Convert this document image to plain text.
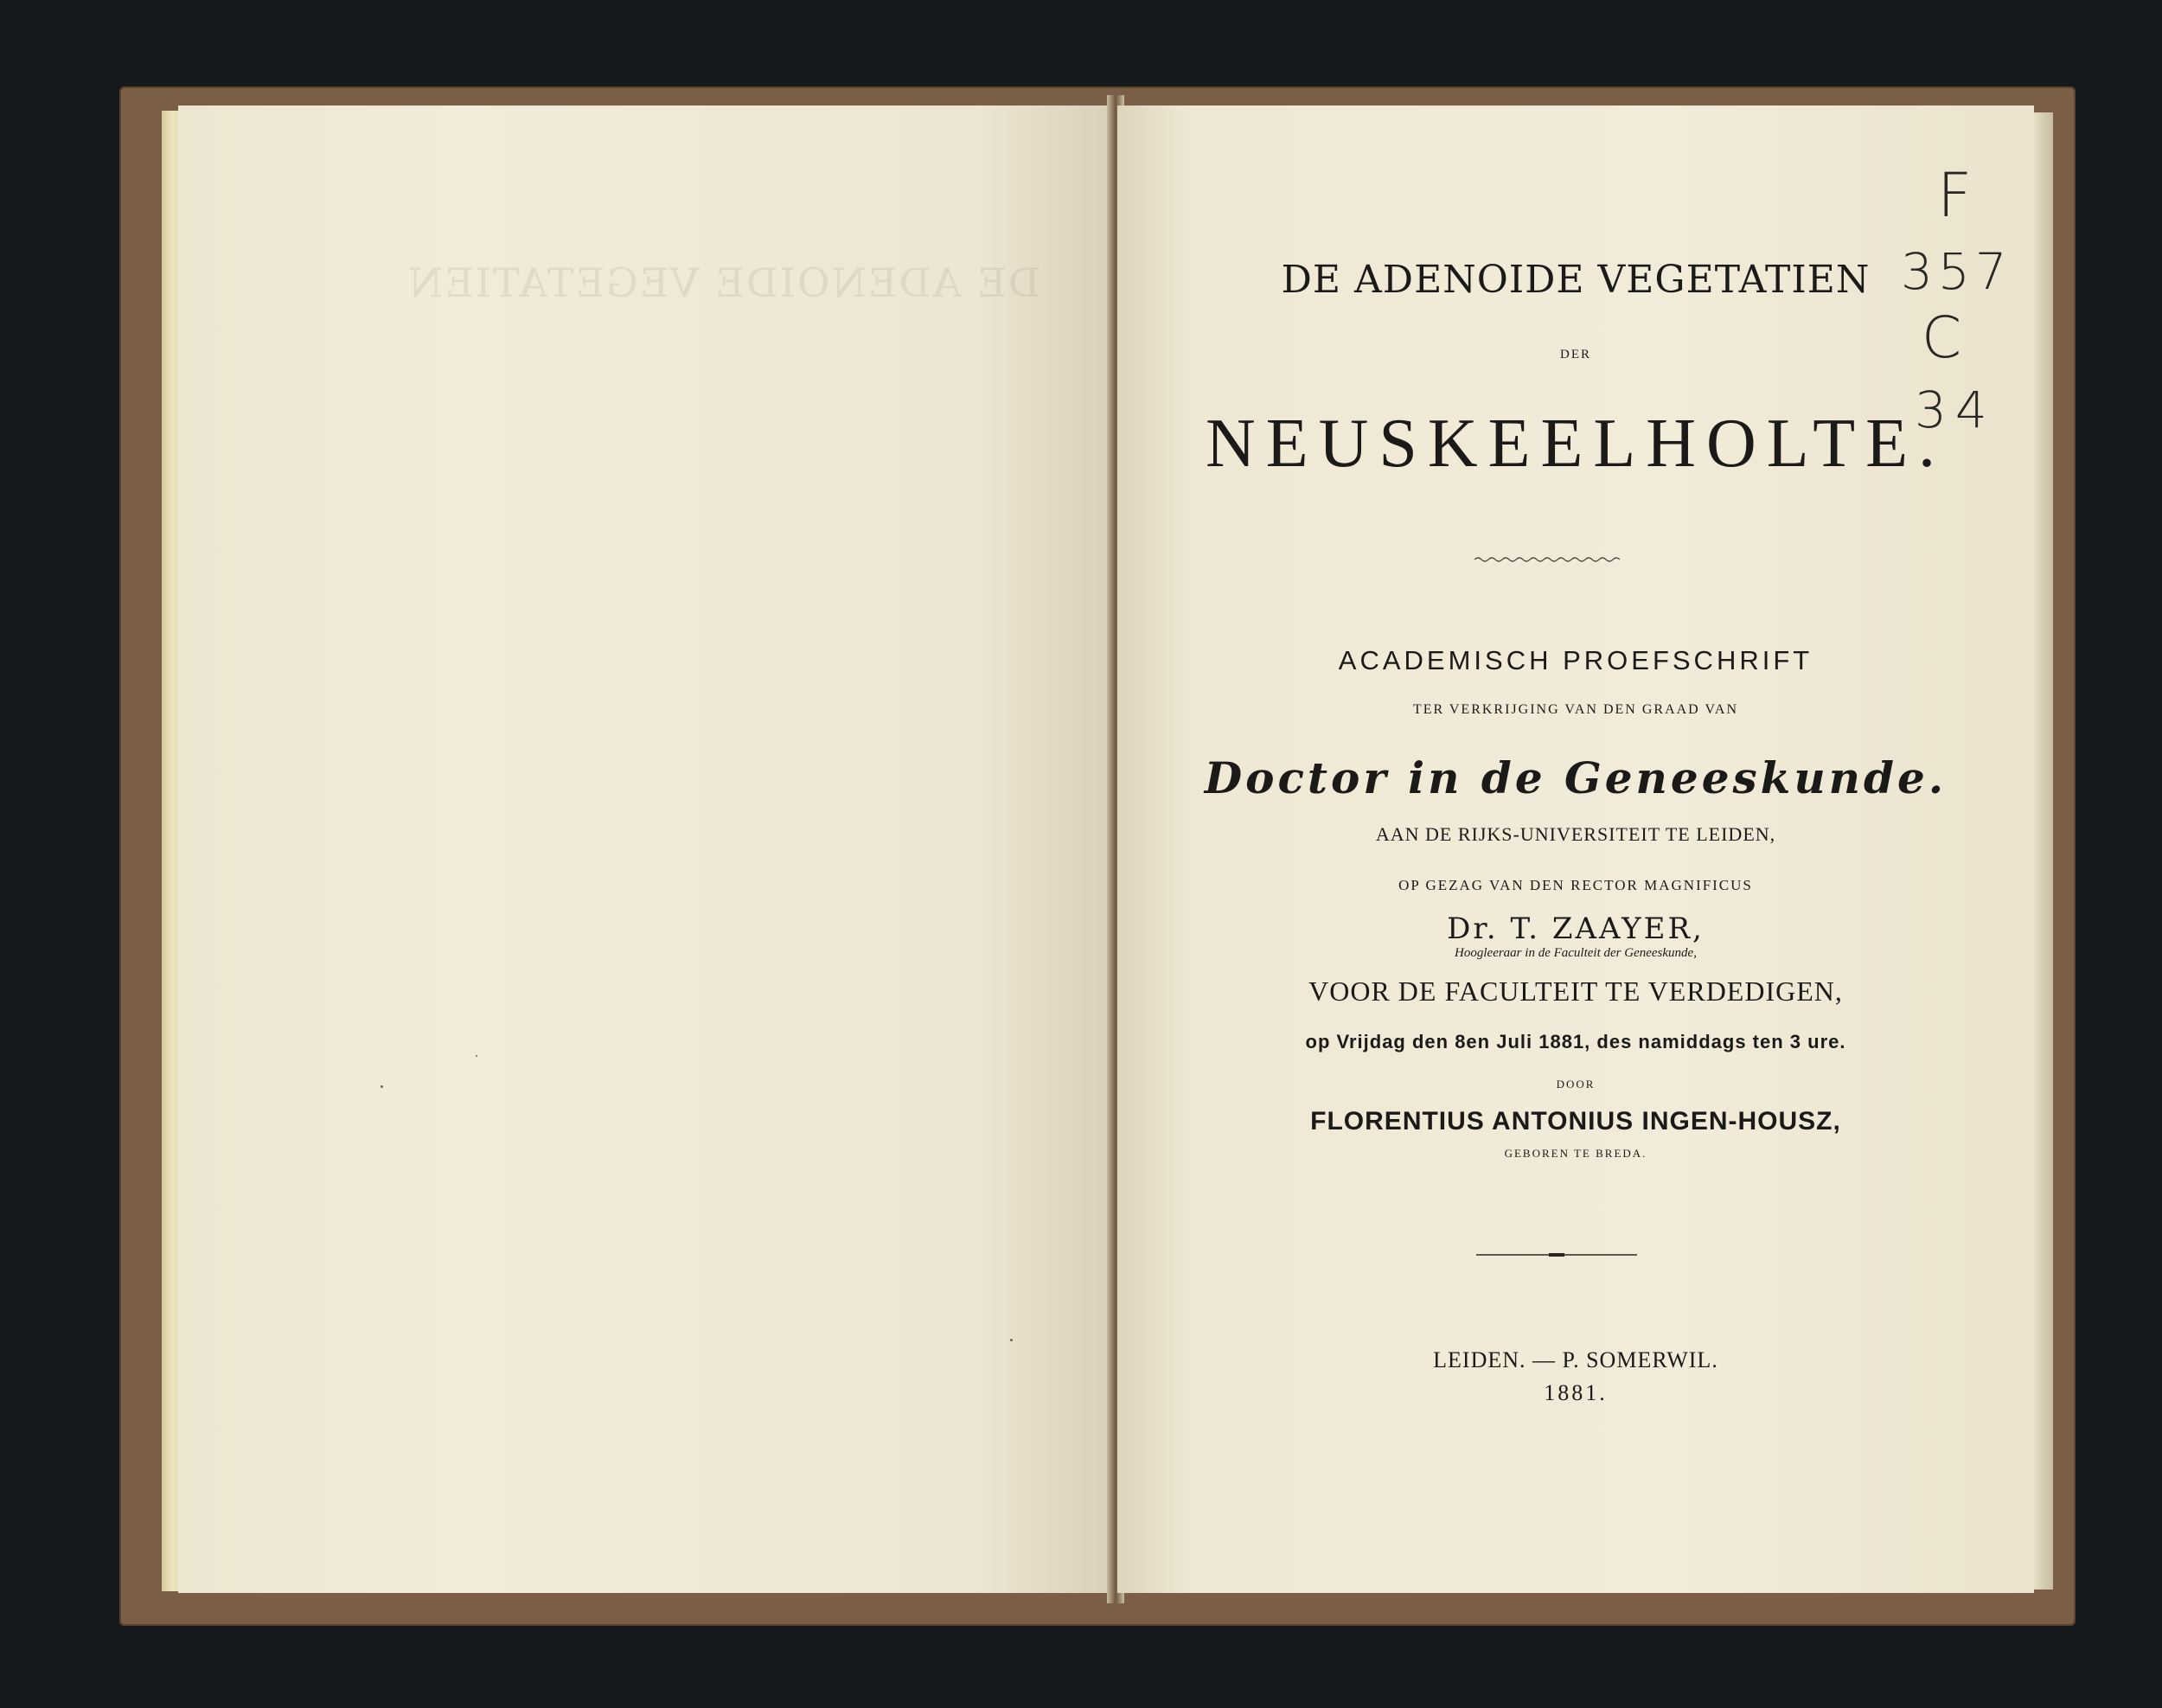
DE ADENOIDE VEGETATIEN	DE ADENOIDE VEGETATIEN
DER
NEUSKEELHOLTE.
ACADEMISCH PROEFSCHRIFT
TER VERKRIJGING VAN DEN GRAAD VAN
Doctor in de Geneeskunde.
AAN DE RIJKS-UNIVERSITEIT TE LEIDEN,
OP GEZAG VAN DEN RECTOR MAGNIFICUS
Dr. T. ZAAYER,
Hoogleeraar in de Faculteit der Geneeskunde,
VOOR DE FACULTEIT TE VERDEDIGEN,
op Vrijdag den 8en Juli 1881, des namiddags ten 3 ure.
DOOR
FLORENTIUS ANTONIUS INGEN-HOUSZ,
GEBOREN TE BREDA.
LEIDEN. — P. SOMERWIL.
1881.
F
357
C
34
